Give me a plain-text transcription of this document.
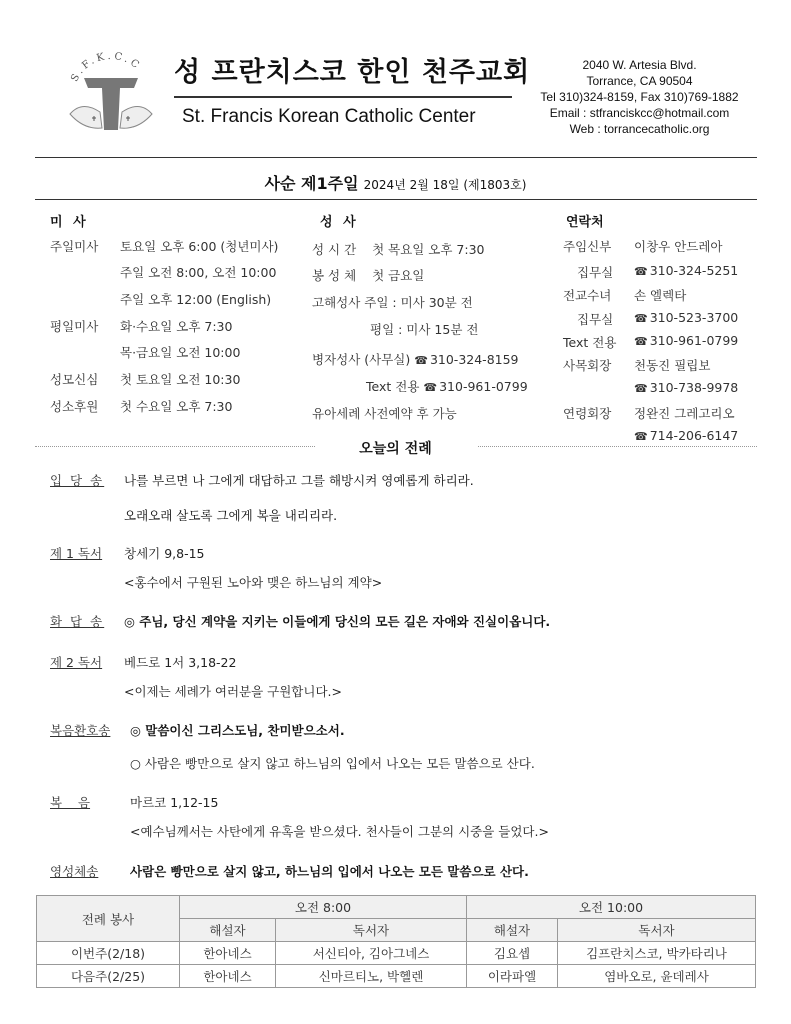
S.F.K.C.C 성 프란치스코 한인 천주교회
St. Francis Korean Catholic Center
2040 W. Artesia Blvd.
Torrance, CA 90504
Tel 310)324-8159, Fax 310)769-1882
Email : stfranciskcc@hotmail.com
Web : torrancecatholic.org
사순 제1주일 2024년 2월 18일 (제1803호)
미 사
주일미사 토요일 오후 6:00 (청년미사)
주일 오전 8:00, 오전 10:00
주일 오후 12:00 (English)
평일미사 화·수요일 오후 7:30
목·금요일 오전 10:00
성모신심 첫 토요일 오전 10:30
성소후원 첫 수요일 오후 7:30
성 사
성 시 간    첫 목요일 오후 7:30
봉 성 체    첫 금요일
고해성사 주일 : 미사 30분 전
평일 : 미사 15분 전
병자성사 (사무실) ☎ 310-324-8159
Text 전용 ☎ 310-961-0799
유아세례 사전예약 후 가능
연락처
주임신부 이창우 안드레아
집무실	☎ 310-324-5251
전교수녀 손 엘렉타
집무실	☎ 310-523-3700
Text 전용	☎ 310-961-0799
사목회장 천동진 필립보
☎ 310-738-9978
연령회장 정완진 그레고리오
☎ 714-206-6147
오늘의 전례
입 당 송 나를 부르면 나 그에게 대답하고 그를 해방시켜 영예롭게 하리라.
오래오래 살도록 그에게 복을 내리리라.
제 1 독서 창세기 9,8-15
<홍수에서 구원된 노아와 맺은 하느님의 계약>
화 답 송 ◎ 주님, 당신 계약을 지키는 이들에게 당신의 모든 길은 자애와 진실이옵니다.
제 2 독서 베드로 1서 3,18-22
<이제는 세례가 여러분을 구원합니다.>
복음환호송 ◎ 말씀이신 그리스도님, 찬미받으소서.
○ 사람은 빵만으로 살지 않고 하느님의 입에서 나오는 모든 말씀으로 산다.
복    음	마르코 1,12-15
<예수님께서는 사탄에게 유혹을 받으셨다. 천사들이 그분의 시중을 들었다.>
영성체송	사람은 빵만으로 살지 않고, 하느님의 입에서 나오는 모든 말씀으로 산다.
전례 봉사	오전 8:00		오전 10:00	
	해설자	독서자	해설자	독서자
이번주(2/18)	한아네스	서신티아, 김아그네스	김요셉	김프란치스코, 박카타리나
다음주(2/25)	한아네스	신마르티노, 박헬렌	이라파엘	염바오로, 윤데레사
